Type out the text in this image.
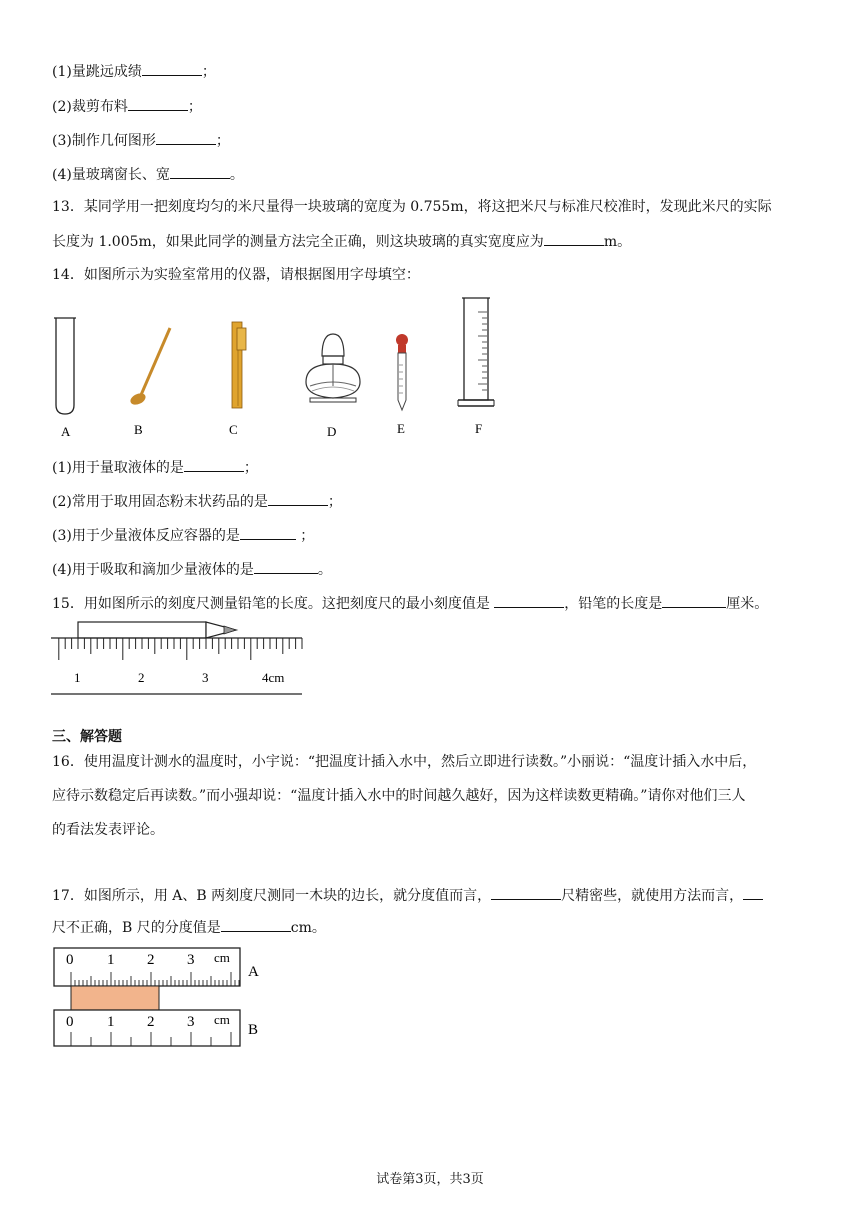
(1)量跳远成绩	；
(2)裁剪布料	；
(3)制作几何图形	；
(4)量玻璃窗长、宽	。
13．某同学用一把刻度均匀的米尺量得一块玻璃的宽度为 0.755m，将这把米尺与标准尺校准时，发现此米尺的实际
长度为 1.005m，如果此同学的测量方法完全正确，则这块玻璃的真实宽度应为	m。
14．如图所示为实验室常用的仪器，请根据图用字母填空：
A	B	C	D	E	F
(1)用于量取液体的是	；
(2)常用于取用固态粉末状药品的是	；
(3)用于少量液体反应容器的是	；
(4)用于吸取和滴加少量液体的是	。
15．用如图所示的刻度尺测量铅笔的长度。这把刻度尺的最小刻度值是	，铅笔的长度是	厘米。
1	2	3	4cm
三、解答题
16．使用温度计测水的温度时，小宇说：“把温度计插入水中，然后立即进行读数。”小丽说：“温度计插入水中后，
应待示数稳定后再读数。”而小强却说：“温度计插入水中的时间越久越好，因为这样读数更精确。”请你对他们三人
的看法发表评论。
17．如图所示，用 A、B 两刻度尺测同一木块的边长，就分度值而言，	尺精密些，就使用方法而言，
尺不正确，B 尺的分度值是	cm。
0 1 2 3 cm
A
0 1 2 3 cm
B
试卷第3页，共3页
